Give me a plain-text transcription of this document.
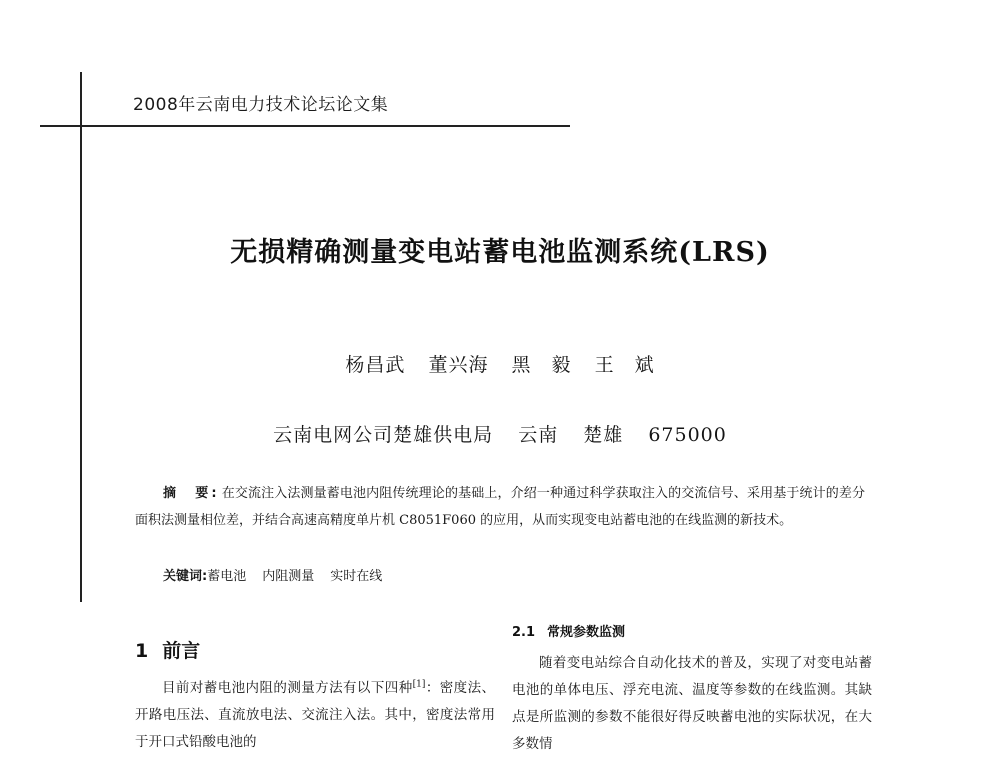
2008年云南电力技术论坛论文集
无损精确测量变电站蓄电池监测系统(LRS)
杨昌武 董兴海 黑　毅 王　斌
云南电网公司楚雄供电局 云南 楚雄 675000
摘　要: 在交流注入法测量蓄电池内阻传统理论的基础上，介绍一种通过科学获取注入的交流信号、采用基于统计的差分面积法测量相位差，并结合高速高精度单片机 C8051F060 的应用，从而实现变电站蓄电池的在线监测的新技术。
关键词:蓄电池 内阻测量 实时在线
1 前言
目前对蓄电池内阻的测量方法有以下四种[1]：密度法、开路电压法、直流放电法、交流注入法。其中，密度法常用于开口式铅酸电池的
2.1 常规参数监测
随着变电站综合自动化技术的普及，实现了对变电站蓄电池的单体电压、浮充电流、温度等参数的在线监测。其缺点是所监测的参数不能很好得反映蓄电池的实际状况，在大多数情
